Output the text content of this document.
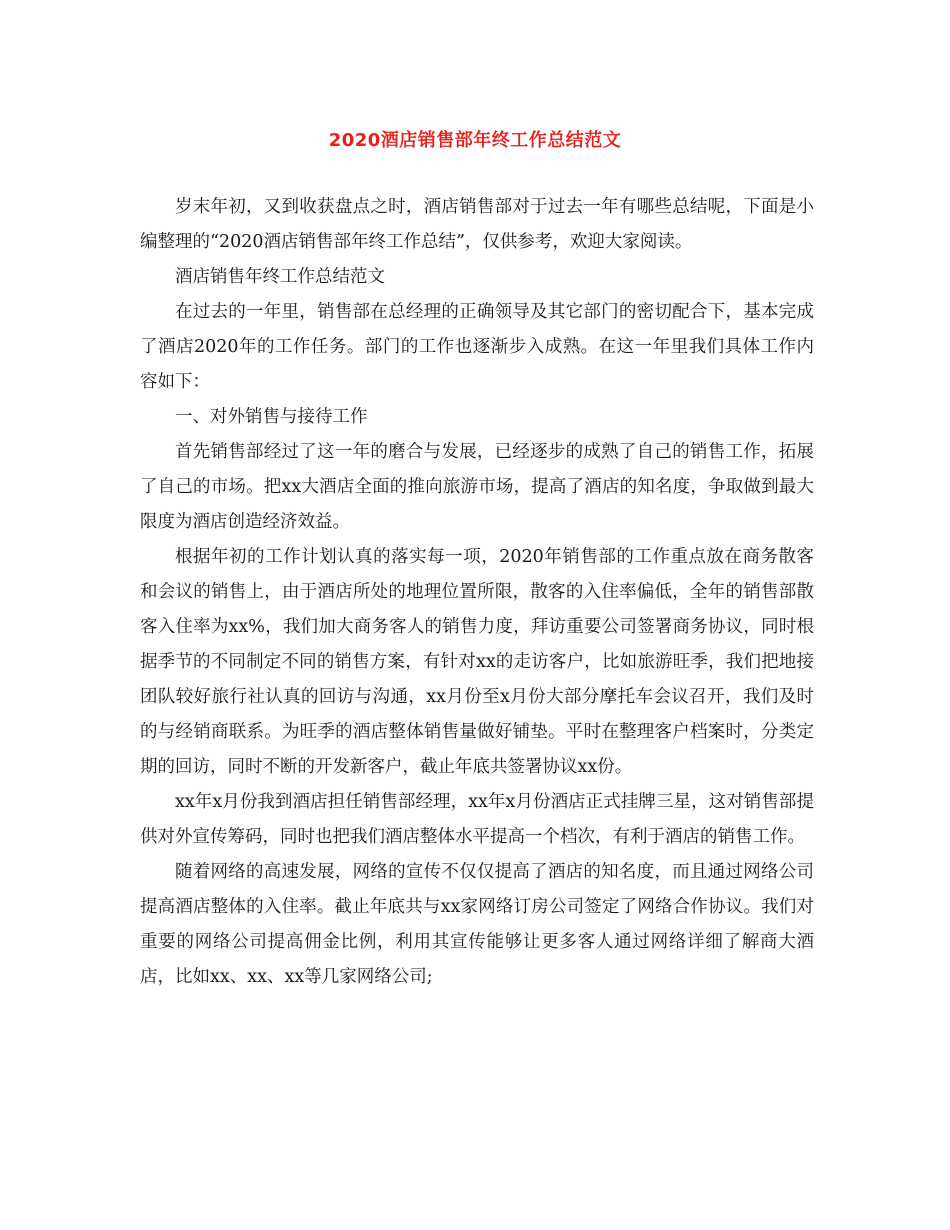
2020酒店销售部年终工作总结范文

岁末年初，又到收获盘点之时，酒店销售部对于过去一年有哪些总结呢，下面是小编整理的“2020酒店销售部年终工作总结”，仅供参考，欢迎大家阅读。

酒店销售年终工作总结范文

在过去的一年里，销售部在总经理的正确领导及其它部门的密切配合下，基本完成了酒店2020年的工作任务。部门的工作也逐渐步入成熟。在这一年里我们具体工作内容如下：

一、对外销售与接待工作

首先销售部经过了这一年的磨合与发展，已经逐步的成熟了自己的销售工作，拓展了自己的市场。把xx大酒店全面的推向旅游市场，提高了酒店的知名度，争取做到最大限度为酒店创造经济效益。

根据年初的工作计划认真的落实每一项，2020年销售部的工作重点放在商务散客和会议的销售上，由于酒店所处的地理位置所限，散客的入住率偏低，全年的销售部散客入住率为xx%，我们加大商务客人的销售力度，拜访重要公司签署商务协议，同时根据季节的不同制定不同的销售方案，有针对xx的走访客户，比如旅游旺季，我们把地接团队较好旅行社认真的回访与沟通，xx月份至x月份大部分摩托车会议召开，我们及时的与经销商联系。为旺季的酒店整体销售量做好铺垫。平时在整理客户档案时，分类定期的回访，同时不断的开发新客户，截止年底共签署协议xx份。

xx年x月份我到酒店担任销售部经理，xx年x月份酒店正式挂牌三星，这对销售部提供对外宣传筹码，同时也把我们酒店整体水平提高一个档次，有利于酒店的销售工作。

随着网络的高速发展，网络的宣传不仅仅提高了酒店的知名度，而且通过网络公司提高酒店整体的入住率。截止年底共与xx家网络订房公司签定了网络合作协议。我们对重要的网络公司提高佣金比例，利用其宣传能够让更多客人通过网络详细了解商大酒店，比如xx、xx、xx等几家网络公司;
